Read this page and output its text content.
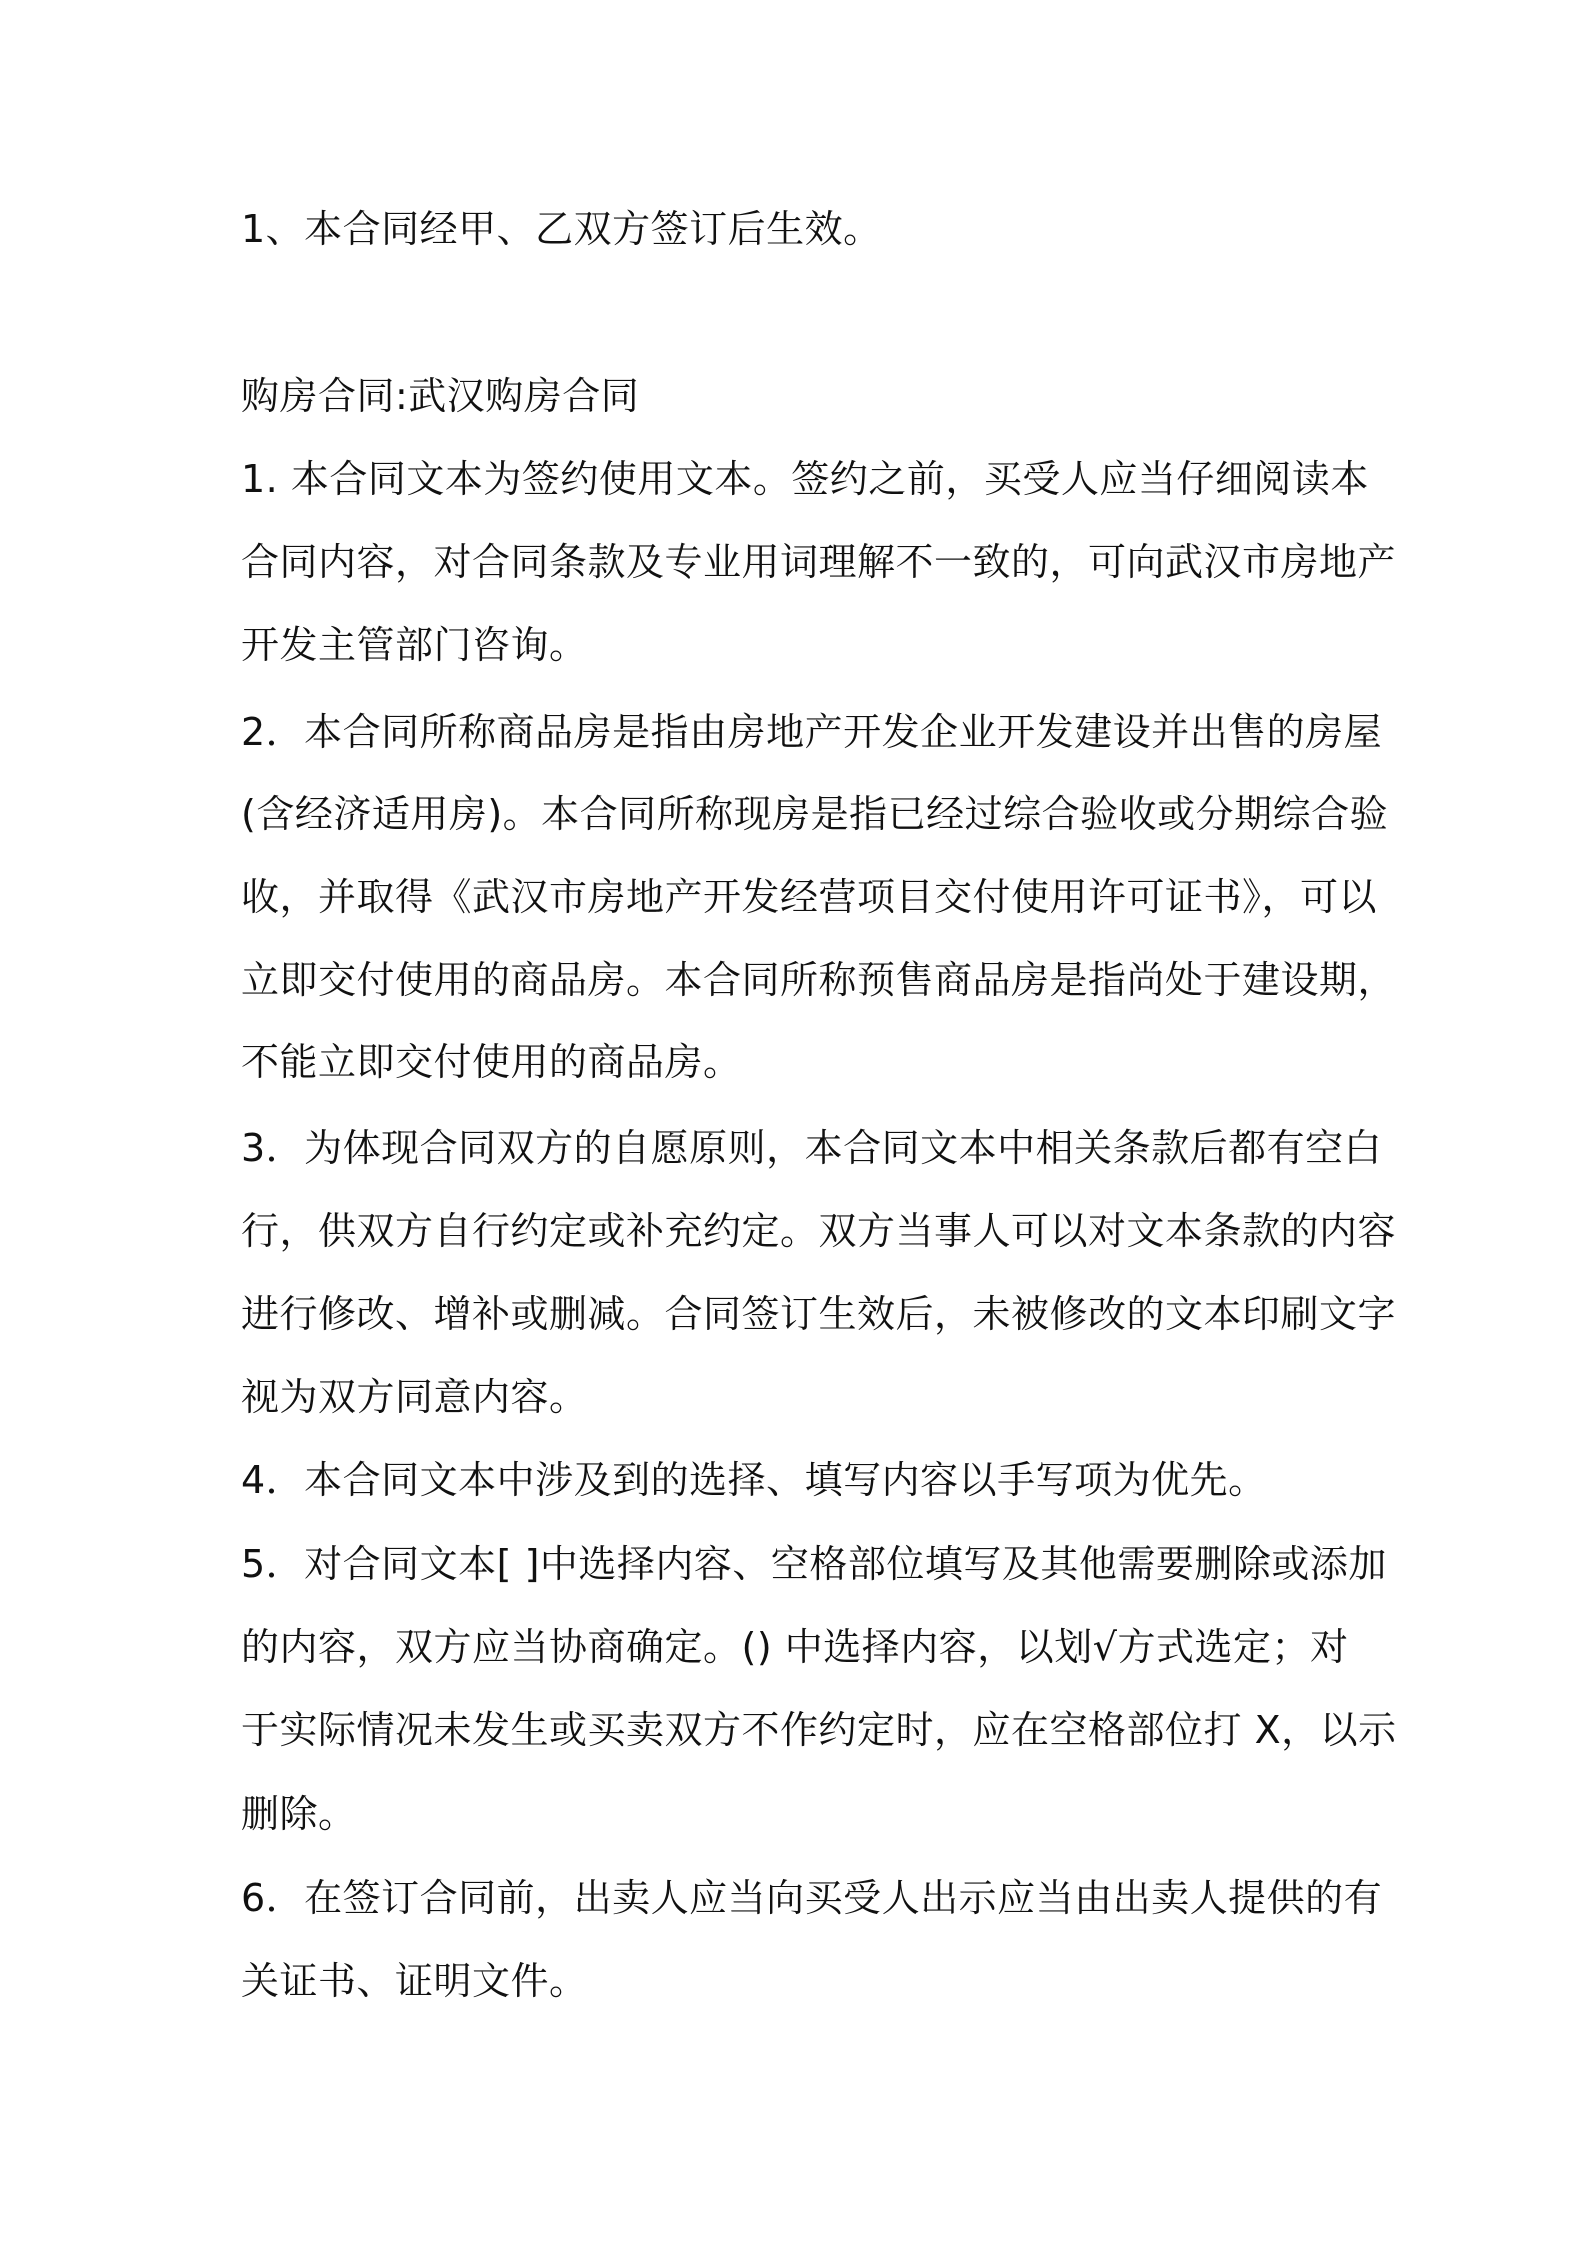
1、本合同经甲、乙双方签订后生效。
购房合同:武汉购房合同
1. 本合同文本为签约使用文本。签约之前，买受人应当仔细阅读本
合同内容，对合同条款及专业用词理解不一致的，可向武汉市房地产
开发主管部门咨询。
2．本合同所称商品房是指由房地产开发企业开发建设并出售的房屋
(含经济适用房)。本合同所称现房是指已经过综合验收或分期综合验
收，并取得《武汉市房地产开发经营项目交付使用许可证书》，可以
立即交付使用的商品房。本合同所称预售商品房是指尚处于建设期，
不能立即交付使用的商品房。
3．为体现合同双方的自愿原则，本合同文本中相关条款后都有空白
行，供双方自行约定或补充约定。双方当事人可以对文本条款的内容
进行修改、增补或删减。合同签订生效后，未被修改的文本印刷文字
视为双方同意内容。
4．本合同文本中涉及到的选择、填写内容以手写项为优先。
5．对合同文本[ ]中选择内容、空格部位填写及其他需要删除或添加
的内容，双方应当协商确定。() 中选择内容，以划√方式选定；对
于实际情况未发生或买卖双方不作约定时，应在空格部位打 X，以示
删除。
6．在签订合同前，出卖人应当向买受人出示应当由出卖人提供的有
关证书、证明文件。
